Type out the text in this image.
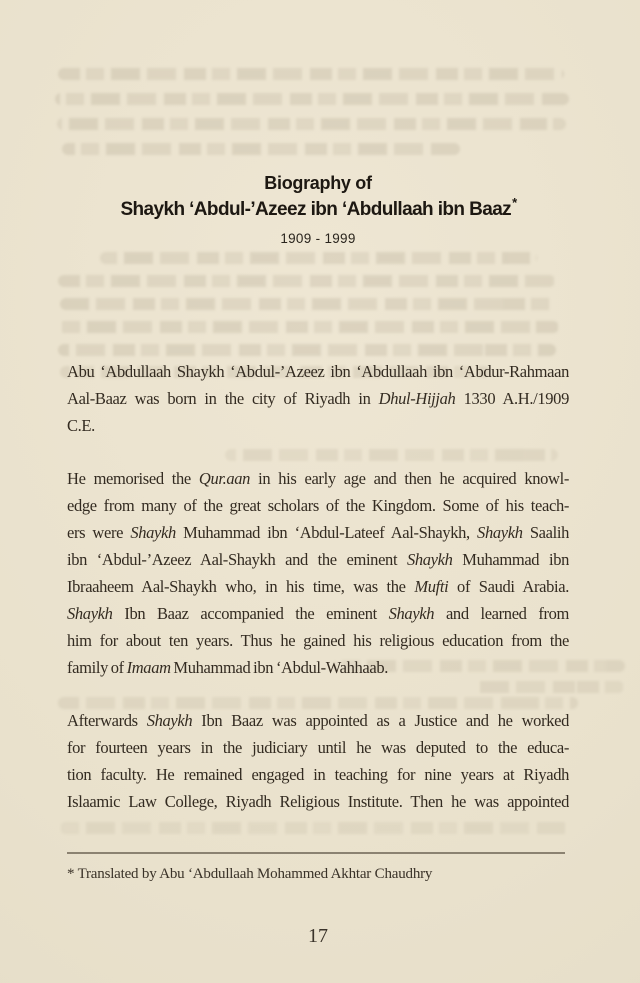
Biography of
Shaykh ‘Abdul-’Azeez ibn ‘Abdullaah ibn Baaz*
1909 - 1999
Abu ‘Abdullaah Shaykh ‘Abdul-’Azeez ibn ‘Abdullaah ibn ‘Abdur-Rahmaan
Aal-Baaz was born in the city of Riyadh in Dhul-Hijjah 1330 A.H./1909
C.E.
He memorised the Qur.aan in his early age and then he acquired knowl-
edge from many of the great scholars of the Kingdom. Some of his teach-
ers were Shaykh Muhammad ibn ‘Abdul-Lateef Aal-Shaykh, Shaykh Saalih
ibn ‘Abdul-’Azeez Aal-Shaykh and the eminent Shaykh Muhammad ibn
Ibraaheem Aal-Shaykh who, in his time, was the Mufti of Saudi Arabia.
Shaykh Ibn Baaz accompanied the eminent Shaykh and learned from
him for about ten years. Thus he gained his religious education from the
family of Imaam Muhammad ibn ‘Abdul-Wahhaab.
Afterwards Shaykh Ibn Baaz was appointed as a Justice and he worked
for fourteen years in the judiciary until he was deputed to the educa-
tion faculty. He remained engaged in teaching for nine years at Riyadh
Islaamic Law College, Riyadh Religious Institute. Then he was appointed
* Translated by Abu ‘Abdullaah Mohammed Akhtar Chaudhry
17
